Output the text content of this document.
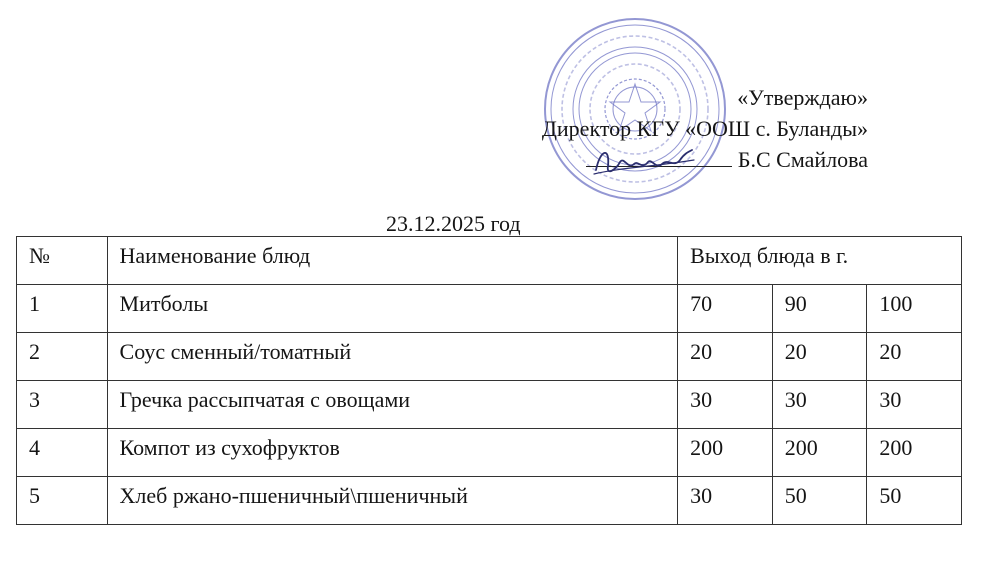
«Утверждаю»
Директор КГУ «ООШ с. Буланды»
Б.С Смайлова
23.12.2025 год
№	Наименование блюд	Выход блюда в г.		
1	Митболы	70	90	100
2	Соус сменный/томатный	20	20	20
3	Гречка рассыпчатая с овощами	30	30	30
4	Компот из сухофруктов	200	200	200
5	Хлеб ржано-пшеничный\пшеничный	30	50	50
